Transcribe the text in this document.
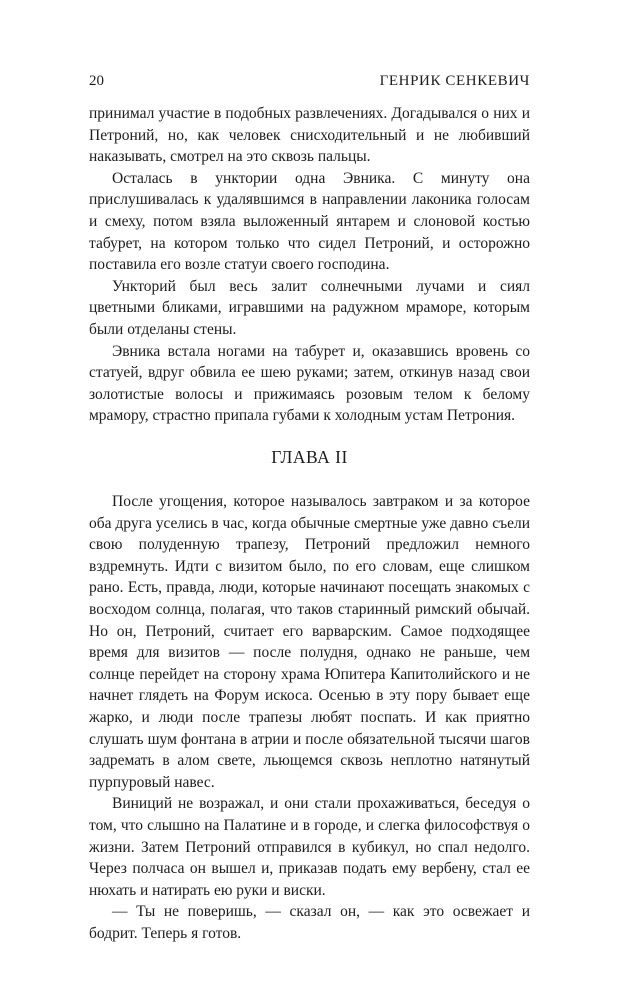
20	ГЕНРИК СЕНКЕВИЧ

принимал участие в подобных развлечениях. Догадывался о них и Петроний, но, как человек снисходительный и не любивший наказывать, смотрел на это сквозь пальцы.

Осталась в унктории одна Эвника. С минуту она прислушивалась к удалявшимся в направлении лаконика голосам и смеху, потом взяла выложенный янтарем и слоновой костью табурет, на котором только что сидел Петроний, и осторожно поставила его возле статуи своего господина.

Ункторий был весь залит солнечными лучами и сиял цветными бликами, игравшими на радужном мраморе, которым были отделаны стены.

Эвника встала ногами на табурет и, оказавшись вровень со статуей, вдруг обвила ее шею руками; затем, откинув назад свои золотистые волосы и прижимаясь розовым телом к белому мрамору, страстно припала губами к холодным устам Петрония.

ГЛАВА II

После угощения, которое называлось завтраком и за которое оба друга уселись в час, когда обычные смертные уже давно съели свою полуденную трапезу, Петроний предложил немного вздремнуть. Идти с визитом было, по его словам, еще слишком рано. Есть, правда, люди, которые начинают посещать знакомых с восходом солнца, полагая, что таков старинный римский обычай. Но он, Петроний, считает его варварским. Самое подходящее время для визитов — после полудня, однако не раньше, чем солнце перейдет на сторону храма Юпитера Капитолийского и не начнет глядеть на Форум искоса. Осенью в эту пору бывает еще жарко, и люди после трапезы любят поспать. И как приятно слушать шум фонтана в атрии и после обязательной тысячи шагов задремать в алом свете, льющемся сквозь неплотно натянутый пурпуровый навес.

Виниций не возражал, и они стали прохаживаться, беседуя о том, что слышно на Палатине и в городе, и слегка философствуя о жизни. Затем Петроний отправился в кубикул, но спал недолго. Через полчаса он вышел и, приказав подать ему вербену, стал ее нюхать и натирать ею руки и виски.

— Ты не поверишь, — сказал он, — как это освежает и бодрит. Теперь я готов.
